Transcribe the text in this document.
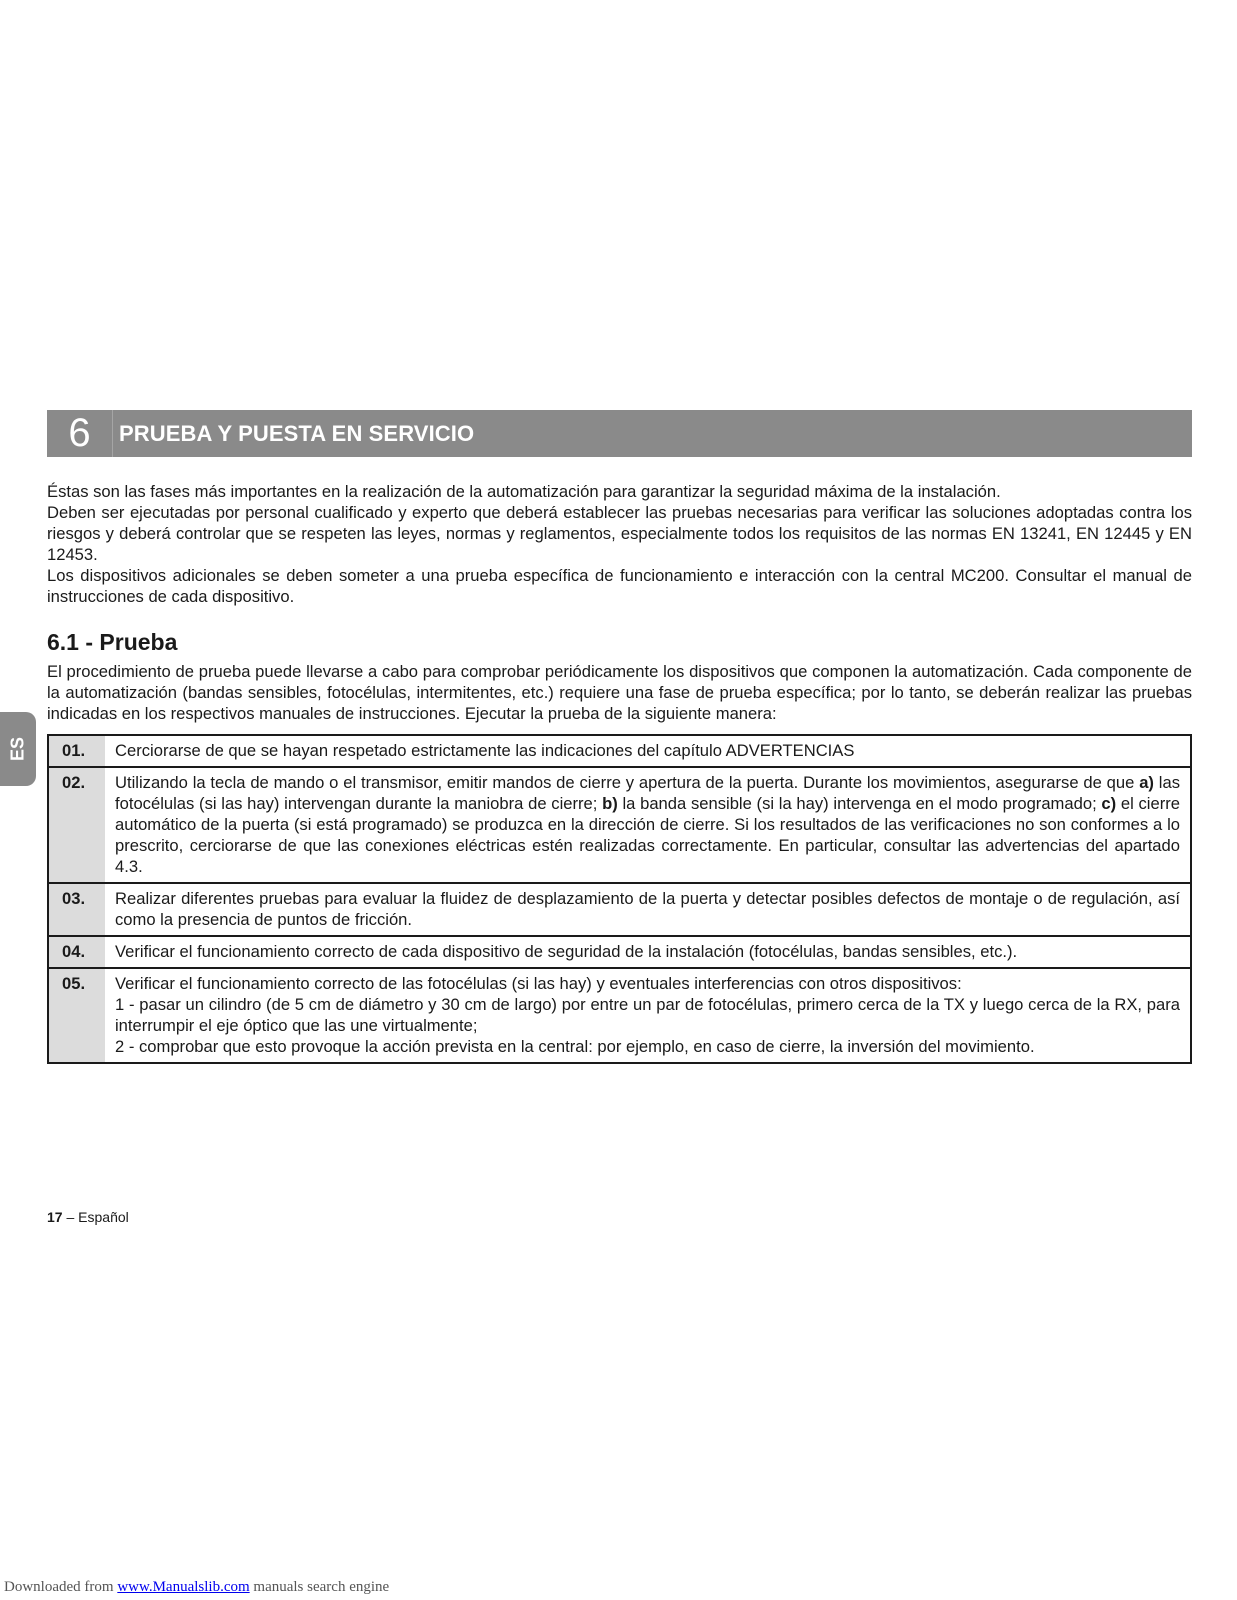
ES
6	PRUEBA Y PUESTA EN SERVICIO

Éstas son las fases más importantes en la realización de la automatización para garantizar la seguridad máxima de la instalación.

Deben ser ejecutadas por personal cualificado y experto que deberá establecer las pruebas necesarias para verificar las soluciones adoptadas contra los riesgos y deberá controlar que se respeten las leyes, normas y reglamentos, especialmente todos los requisitos de las normas EN 13241, EN 12445 y EN 12453.

Los dispositivos adicionales se deben someter a una prueba específica de funcionamiento e interacción con la central MC200. Consultar el manual de instrucciones de cada dispositivo.

6.1 - Prueba

El procedimiento de prueba puede llevarse a cabo para comprobar periódicamente los dispositivos que componen la automatización. Cada componente de la automatización (bandas sensibles, fotocélulas, intermitentes, etc.) requiere una fase de prueba específica; por lo tanto, se deberán realizar las pruebas indicadas en los respectivos manuales de instrucciones. Ejecutar la prueba de la siguiente manera:

01.	Cerciorarse de que se hayan respetado estrictamente las indicaciones del capítulo ADVERTENCIAS
02.	Utilizando la tecla de mando o el transmisor, emitir mandos de cierre y apertura de la puerta. Durante los movimientos, asegurarse de que a) las fotocélulas (si las hay) intervengan durante la maniobra de cierre; b) la banda sensible (si la hay) intervenga en el modo programado; c) el cierre automático de la puerta (si está programado) se produzca en la dirección de cierre. Si los resultados de las verificaciones no son conformes a lo prescrito, cerciorarse de que las conexiones eléctricas estén realizadas correctamente. En particular, consultar las advertencias del apartado 4.3.
03.	Realizar diferentes pruebas para evaluar la fluidez de desplazamiento de la puerta y detectar posibles defectos de montaje o de regulación, así como la presencia de puntos de fricción.
04.	Verificar el funcionamiento correcto de cada dispositivo de seguridad de la instalación (fotocélulas, bandas sensibles, etc.).
05.	Verificar el funcionamiento correcto de las fotocélulas (si las hay) y eventuales interferencias con otros dispositivos:

1 - pasar un cilindro (de 5 cm de diámetro y 30 cm de largo) por entre un par de fotocélulas, primero cerca de la TX y luego cerca de la RX, para interrumpir el eje óptico que las une virtualmente;

2 - comprobar que esto provoque la acción prevista en la central: por ejemplo, en caso de cierre, la inversión del movimiento.

17 – Español
Downloaded from www.Manualslib.com manuals search engine
